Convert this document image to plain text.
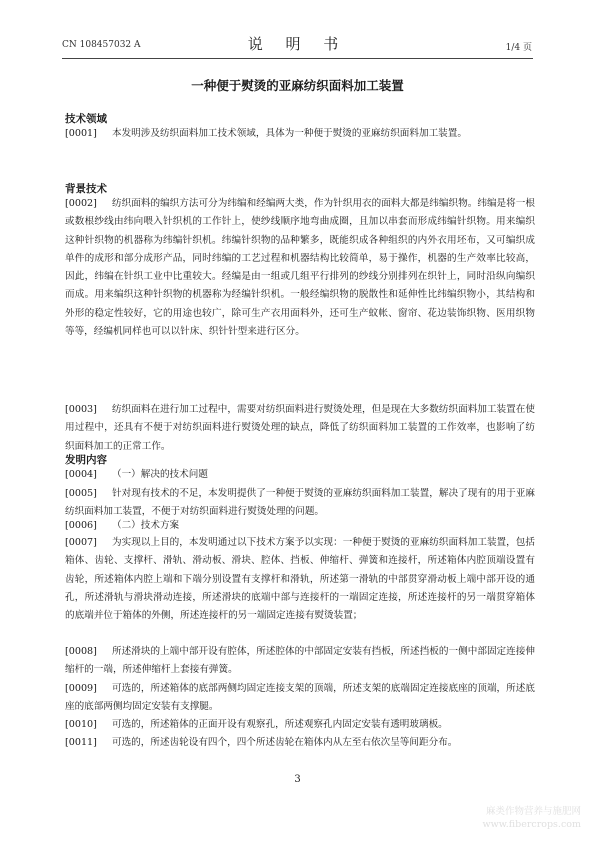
CN 108457032 A	说 明 书	1/4 页
一种便于熨烫的亚麻纺织面料加工装置
技术领域
[0001] 本发明涉及纺织面料加工技术领域，具体为一种便于熨烫的亚麻纺织面料加工装置。
背景技术
[0002] 纺织面料的编织方法可分为纬编和经编两大类，作为针织用衣的面料大都是纬编织物。纬编是将一根或数根纱线由纬向喂入针织机的工作针上，使纱线顺序地弯曲成圈，且加以串套而形成纬编针织物。用来编织这种针织物的机器称为纬编针织机。纬编针织物的品种繁多，既能织成各种组织的内外衣用坯布，又可编织成单件的成形和部分成形产品，同时纬编的工艺过程和机器结构比较简单，易于操作，机器的生产效率比较高，因此，纬编在针织工业中比重较大。经编是由一组或几组平行排列的纱线分别排列在织针上，同时沿纵向编织而成。用来编织这种针织物的机器称为经编针织机。一般经编织物的脱散性和延伸性比纬编织物小，其结构和外形的稳定性较好，它的用途也较广，除可生产衣用面料外，还可生产蚊帐、窗帘、花边装饰织物、医用织物等等，经编机同样也可以以针床、织针针型来进行区分。
[0003] 纺织面料在进行加工过程中，需要对纺织面料进行熨烫处理，但是现在大多数纺织面料加工装置在使用过程中，还具有不便于对纺织面料进行熨烫处理的缺点，降低了纺织面料加工装置的工作效率，也影响了纺织面料加工的正常工作。
发明内容
[0004] （一）解决的技术问题
[0005] 针对现有技术的不足，本发明提供了一种便于熨烫的亚麻纺织面料加工装置，解决了现有的用于亚麻纺织面料加工装置，不便于对纺织面料进行熨烫处理的问题。
[0006] （二）技术方案
[0007] 为实现以上目的，本发明通过以下技术方案予以实现：一种便于熨烫的亚麻纺织面料加工装置，包括箱体、齿轮、支撑杆、滑轨、滑动板、滑块、腔体、挡板、伸缩杆、弹簧和连接杆，所述箱体内腔顶端设置有齿轮，所述箱体内腔上端和下端分别设置有支撑杆和滑轨，所述第一滑轨的中部贯穿滑动板上端中部开设的通孔，所述滑轨与滑块滑动连接，所述滑块的底端中部与连接杆的一端固定连接，所述连接杆的另一端贯穿箱体的底端并位于箱体的外侧，所述连接杆的另一端固定连接有熨烫装置；
[0008] 所述滑块的上端中部开设有腔体，所述腔体的中部固定安装有挡板，所述挡板的一侧中部固定连接伸缩杆的一端，所述伸缩杆上套接有弹簧。
[0009] 可选的，所述箱体的底部两侧均固定连接支架的顶端，所述支架的底端固定连接底座的顶端，所述底座的底部两侧均固定安装有支撑腿。
[0010] 可选的，所述箱体的正面开设有观察孔，所述观察孔内固定安装有透明玻璃板。
[0011] 可选的，所述齿轮设有四个，四个所述齿轮在箱体内从左至右依次呈等间距分布。
3
麻类作物营养与施肥网
www.fibercrops.com
